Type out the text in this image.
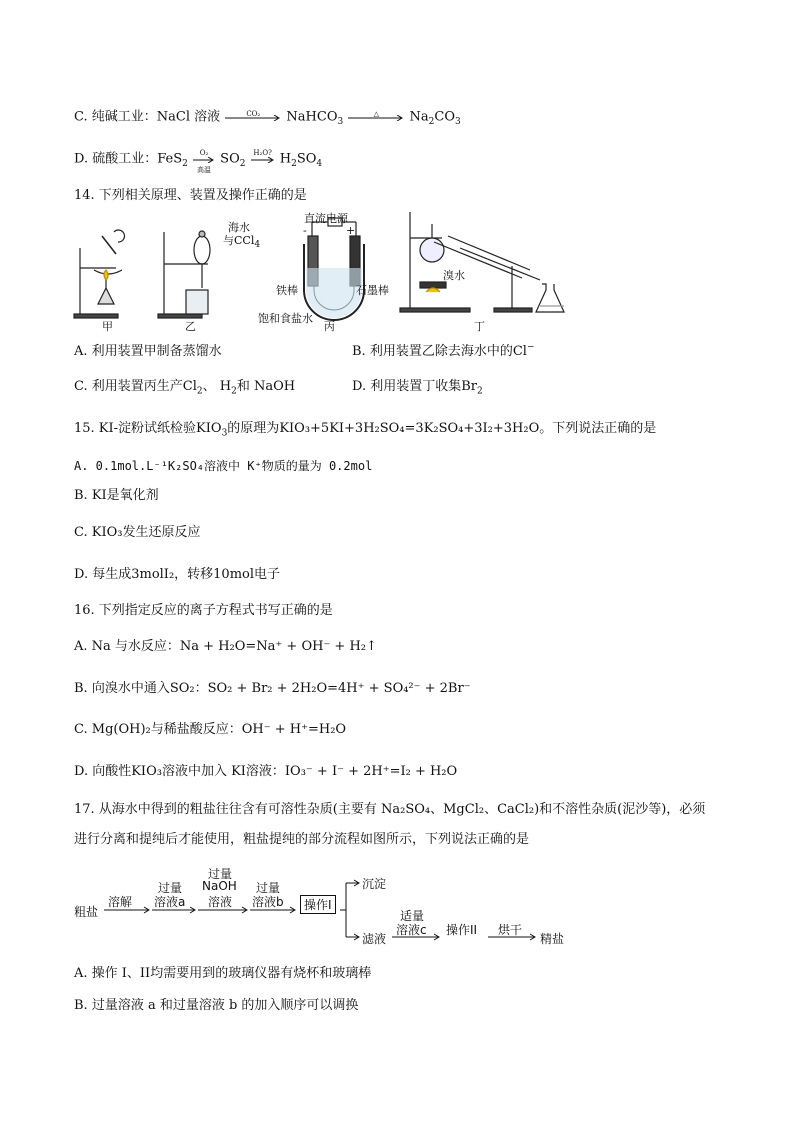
C. 纯碱工业：NaCl 溶液	CO₂	NaHCO$_3$
△	$Na_2CO_3$
D. 硫酸工业：FeS$_2$
O₂
高温
$SO_2$
H₂O? $H_2SO_4$
14. 下列相关原理、装置及操作正确的是
海水
与CCl$_4$
直流电源
-	+
铁棒	石墨棒
饱和食盐水
溴水
甲	乙	丙	丁
A. 利用装置甲制备蒸馏水	B. 利用装置乙除去海水中的Cl−
C. 利用装置丙生产$Cl_2$、 $H_2$和 NaOH	D. 利用装置丁收集$Br_2$
15. KI-淀粉试纸检验$KIO_3$的原理为KIO₃+5KI+3H₂SO₄=3K₂SO₄+3I₂+3H₂O。下列说法正确的是
A. 0.1mol.L⁻¹K₂SO₄溶液中 K⁺物质的量为 0.2mol
B. KI是氧化剂
C. KIO₃发生还原反应
D. 每生成3molI₂，转移10mol电子
16. 下列指定反应的离子方程式书写正确的是
A. Na 与水反应：Na + H₂O=Na⁺ + OH⁻ + H₂↑
B. 向溴水中通入SO₂：SO₂ + Br₂ + 2H₂O=4H⁺ + SO₄²⁻ + 2Br⁻
C. Mg(OH)₂与稀盐酸反应：OH⁻ + H⁺=H₂O
D. 向酸性KIO₃溶液中加入 KI溶液：IO₃⁻ + I⁻ + 2H⁺=I₂ + H₂O
17. 从海水中得到的粗盐往往含有可溶性杂质(主要有 Na₂SO₄、MgCl₂、CaCl₂)和不溶性杂质(泥沙等)，必须
进行分离和提纯后才能使用，粗盐提纯的部分流程如图所示，下列说法正确的是
粗盐
溶解
过量
溶液a
过量
NaOH
溶液
过量
溶液b	操作I
沉淀
滤液
适量
溶液c 操作II 烘干
精盐
A. 操作 I、II均需要用到的玻璃仪器有烧杯和玻璃棒
B. 过量溶液 a 和过量溶液 b 的加入顺序可以调换
